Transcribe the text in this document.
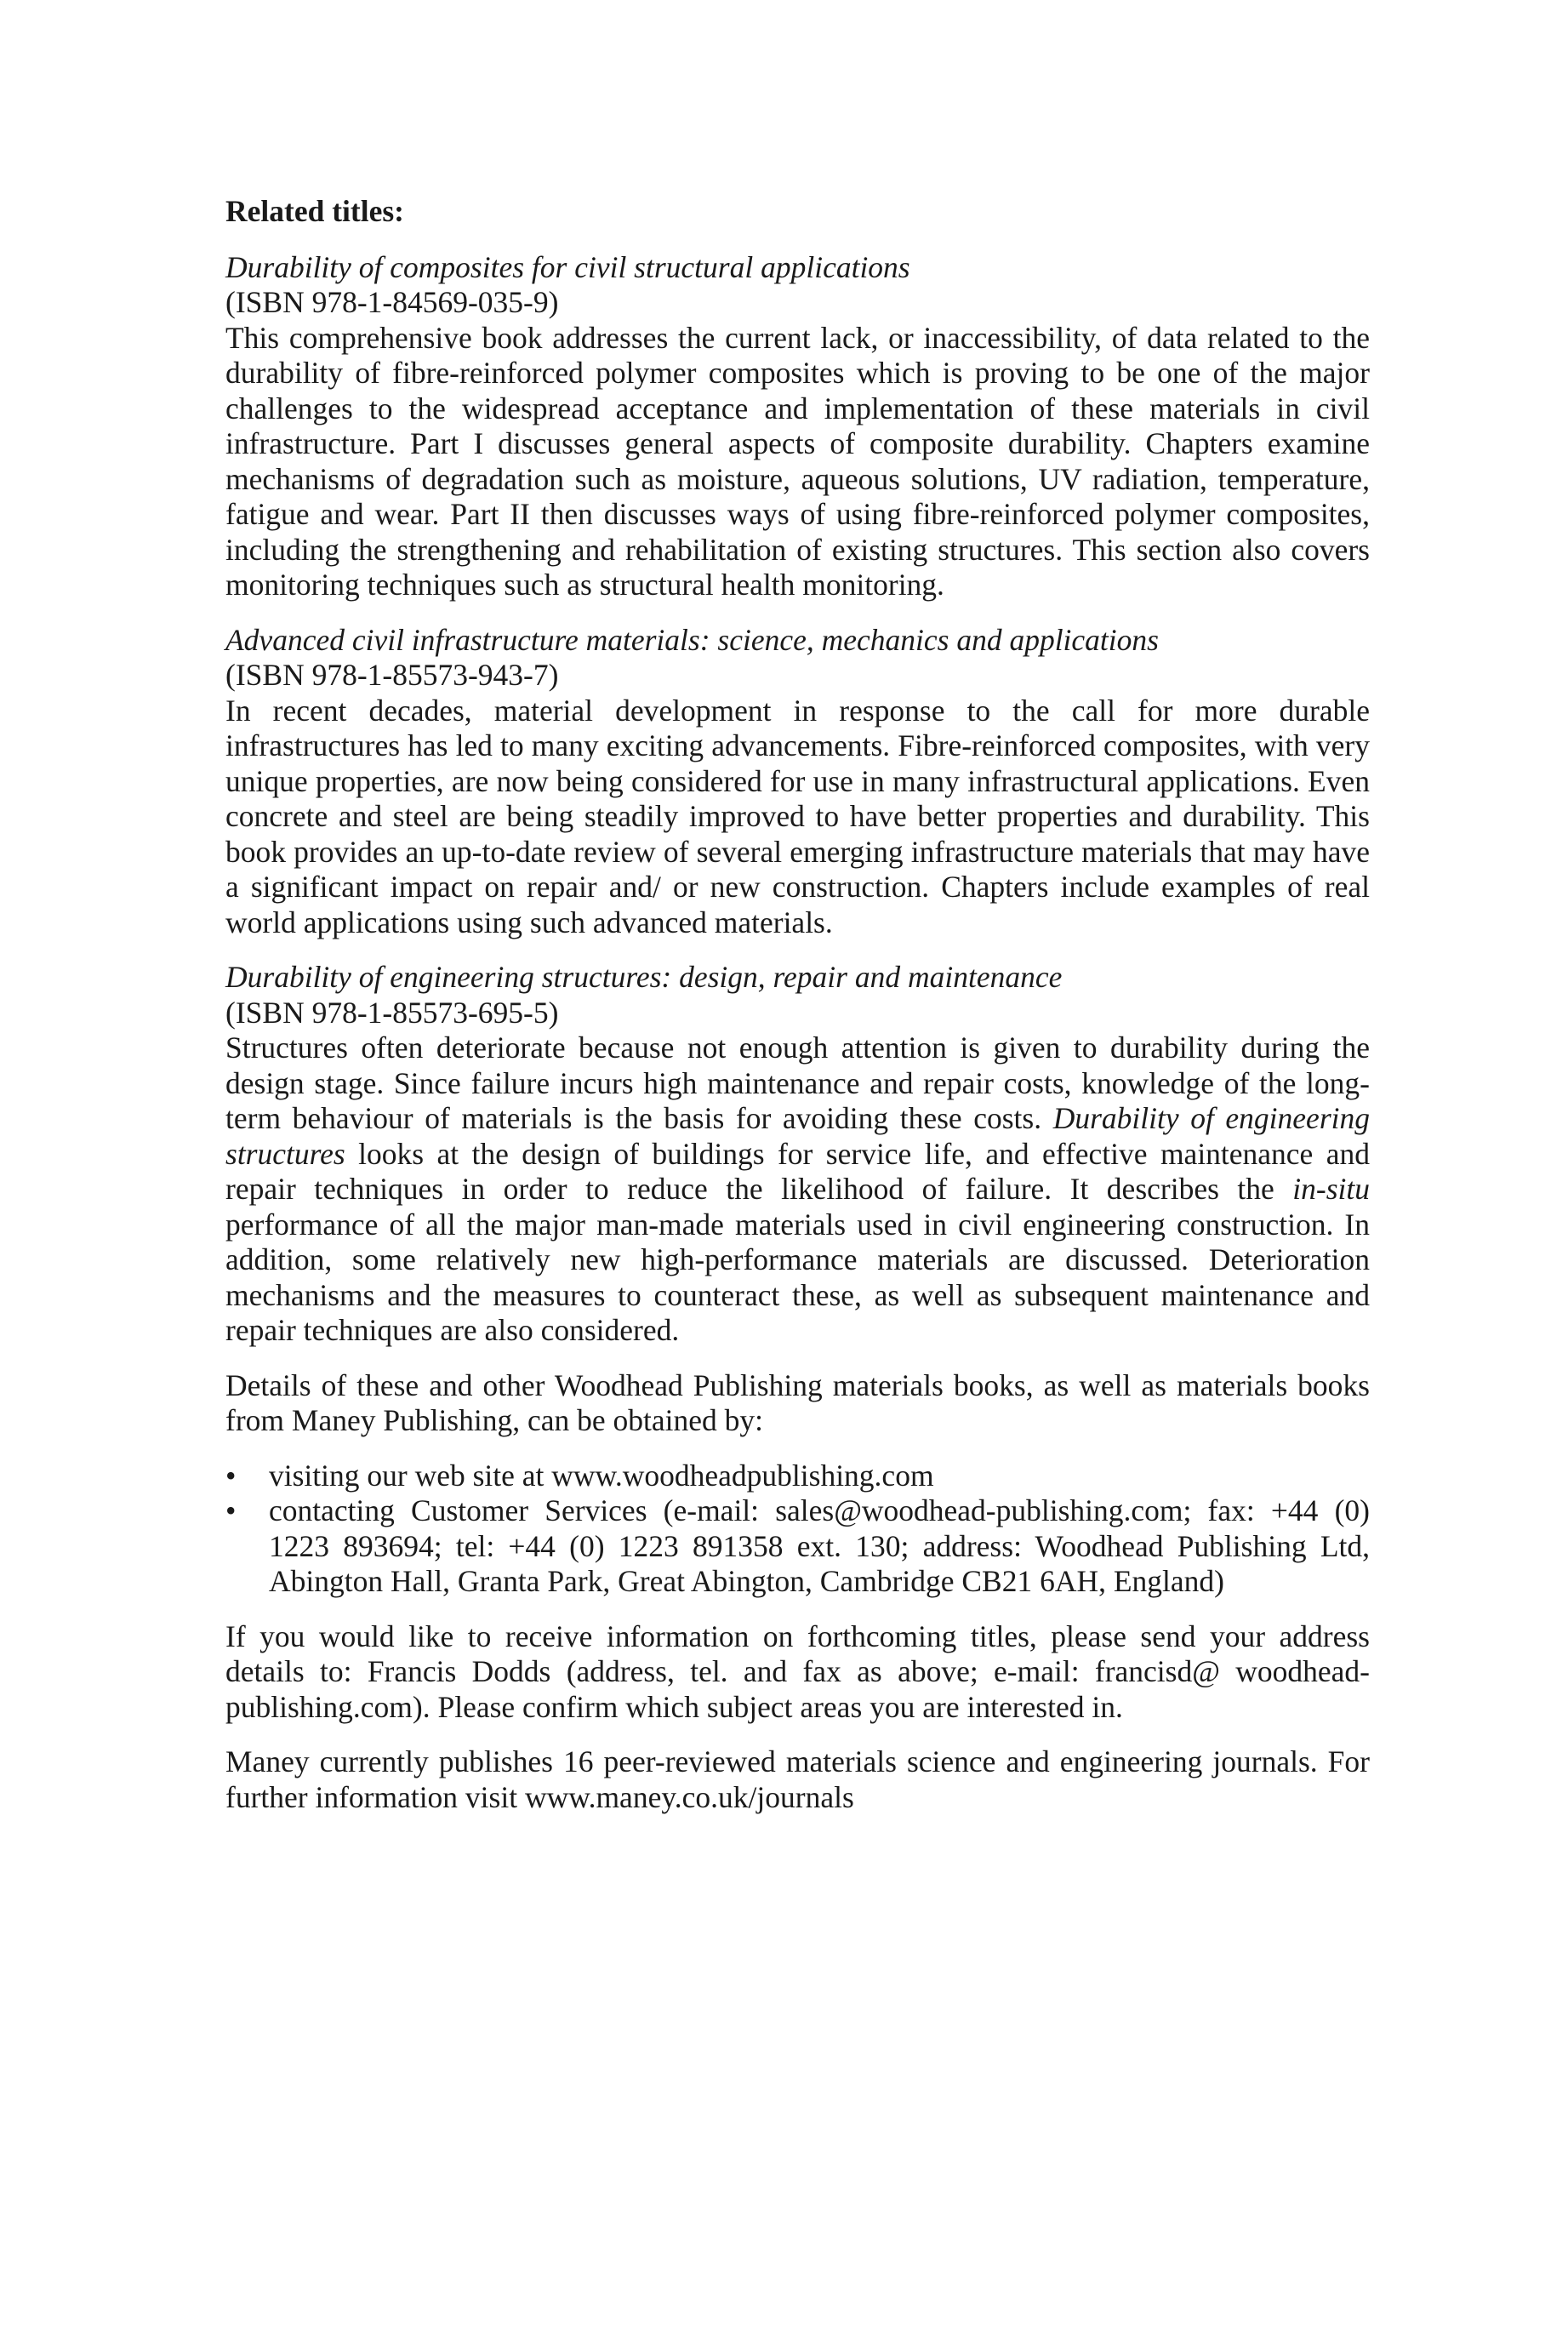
Related titles:

Durability of composites for civil structural applications
(ISBN 978-1-84569-035-9)
This comprehensive book addresses the current lack, or inaccessibility, of data related to the durability of fibre-reinforced polymer composites which is proving to be one of the major challenges to the widespread acceptance and implementation of these materials in civil infrastructure. Part I discusses general aspects of composite durability. Chapters examine mechanisms of degradation such as moisture, aqueous solutions, UV radiation, temperature, fatigue and wear. Part II then discusses ways of using fibre-reinforced polymer composites, including the strengthening and rehabilitation of existing structures. This section also covers monitoring techniques such as structural health monitoring.

Advanced civil infrastructure materials: science, mechanics and applications
(ISBN 978-1-85573-943-7)
In recent decades, material development in response to the call for more durable infrastructures has led to many exciting advancements. Fibre-reinforced composites, with very unique properties, are now being considered for use in many infrastructural applications. Even concrete and steel are being steadily improved to have better properties and durability. This book provides an up-to-date review of several emerging infrastructure materials that may have a significant impact on repair and/ or new construction. Chapters include examples of real world applications using such advanced materials.

Durability of engineering structures: design, repair and maintenance
(ISBN 978-1-85573-695-5)
Structures often deteriorate because not enough attention is given to durability during the design stage. Since failure incurs high maintenance and repair costs, knowledge of the long-term behaviour of materials is the basis for avoiding these costs. Durability of engineering structures looks at the design of buildings for service life, and effective maintenance and repair techniques in order to reduce the likelihood of failure. It describes the in-situ performance of all the major man-made materials used in civil engineering construction. In addition, some relatively new high-performance materials are discussed. Deterioration mechanisms and the measures to counteract these, as well as subsequent maintenance and repair techniques are also considered.

Details of these and other Woodhead Publishing materials books, as well as materials books from Maney Publishing, can be obtained by:

• visiting our web site at www.woodheadpublishing.com
• contacting Customer Services (e-mail: sales@woodhead-publishing.com; fax: +44 (0) 1223 893694; tel: +44 (0) 1223 891358 ext. 130; address: Woodhead Publishing Ltd, Abington Hall, Granta Park, Great Abington, Cambridge CB21 6AH, England)

If you would like to receive information on forthcoming titles, please send your address details to: Francis Dodds (address, tel. and fax as above; e-mail: francisd@ woodhead-publishing.com). Please confirm which subject areas you are interested in.

Maney currently publishes 16 peer-reviewed materials science and engineering journals. For further information visit www.maney.co.uk/journals
